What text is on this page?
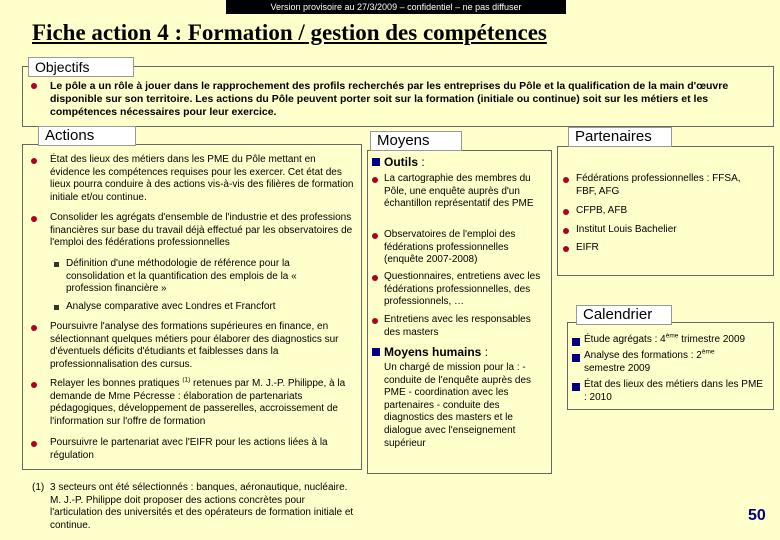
Version provisoire au 27/3/2009 – confidentiel – ne pas diffuser
Fiche action 4 : Formation / gestion des compétences
Objectifs
Le pôle a un rôle à jouer dans le rapprochement des profils recherchés par les entreprises du Pôle et la qualification de la main d'œuvre disponible sur son territoire. Les actions du Pôle peuvent porter soit sur la formation (initiale ou continue) soit sur les métiers et les compétences nécessaires pour leur exercice.
Actions
État des lieux des métiers dans les PME du Pôle mettant en évidence les compétences requises pour les exercer. Cet état des lieux pourra conduire à des actions vis-à-vis des filières de formation initiale et/ou continue.
Consolider les agrégats d'ensemble de l'industrie et des professions financières sur base du travail déjà effectué par les observatoires de l'emploi des fédérations professionnelles
Définition d'une méthodologie de référence pour la consolidation et la quantification des emplois de la « profession financière »
Analyse comparative avec Londres et Francfort
Poursuivre l'analyse des formations supérieures en finance, en sélectionnant quelques métiers pour élaborer des diagnostics sur d'éventuels déficits d'étudiants et faiblesses dans la professionnalisation des cursus.
Relayer les bonnes pratiques $^{(1)}$ retenues par M. J.-P. Philippe, à la demande de Mme Pécresse : élaboration de partenariats pédagogiques, développement de passerelles, accroissement de l'information sur l'offre de formation
Poursuivre le partenariat avec l'EIFR pour les actions liées à la régulation
(1) 3 secteurs ont été sélectionnés : banques, aéronautique, nucléaire. M. J.-P. Philippe doit proposer des actions concrètes pour l'articulation des universités et des opérateurs de formation initiale et continue.
Moyens
Outils :
La cartographie des membres du Pôle, une enquête auprès d'un échantillon représentatif des PME
Observatoires de l'emploi des fédérations professionnelles (enquête 2007-2008)
Questionnaires, entretiens avec les fédérations professionnelles, des professionnels, …
Entretiens avec les responsables des masters
Moyens humains :
Un chargé de mission pour la : - conduite de l'enquête auprès des PME - coordination avec les partenaires - conduite des diagnostics des masters et le dialogue avec l'enseignement supérieur
Partenaires
Fédérations professionnelles : FFSA, FBF, AFG
CFPB, AFB
Institut Louis Bachelier
EIFR
Calendrier
Étude agrégats : 4ème trimestre 2009
Analyse des formations : 2ème semestre 2009
État des lieux des métiers dans les PME : 2010
50
